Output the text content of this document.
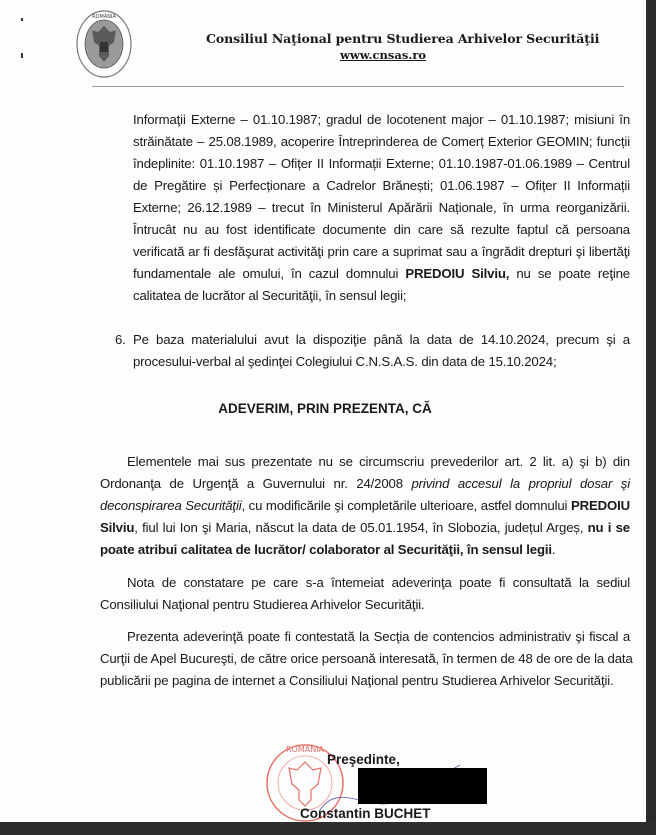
ROMÂNIA
Consiliul Naţional pentru Studierea Arhivelor Securităţii
www.cnsas.ro
Informaţii Externe – 01.10.1987; gradul de locotenent major – 01.10.1987; misiuni în
străinătate – 25.08.1989, acoperire Întreprinderea de Comerț Exterior GEOMIN; funcții
îndeplinite: 01.10.1987 – Ofițer II Informații Externe; 01.10.1987-01.06.1989 – Centrul
de Pregătire și Perfecționare a Cadrelor Brănești; 01.06.1987 – Ofițer II Informații
Externe; 26.12.1989 – trecut în Ministerul Apărării Naționale, în urma reorganizării.
Întrucât nu au fost identificate documente din care să rezulte faptul că persoana
verificată ar fi desfăşurat activităţi prin care a suprimat sau a îngrădit drepturi şi libertăţi
fundamentale ale omului, în cazul domnului PREDOIU Silviu, nu se poate reţine
calitatea de lucrător al Securităţii, în sensul legii;
6. Pe baza materialului avut la dispoziţie până la data de 14.10.2024, precum şi a
procesului-verbal al şedinţei Colegiului C.N.S.A.S. din data de 15.10.2024;
ADEVERIM, PRIN PREZENTA, CĂ
Elementele mai sus prezentate nu se circumscriu prevederilor art. 2 lit. a) şi b) din
Ordonanţa de Urgenţă a Guvernului nr. 24/2008 privind accesul la propriul dosar şi
deconspirarea Securităţii, cu modificările şi completările ulterioare, astfel domnului PREDOIU
Silviu, fiul lui Ion şi Maria, născut la data de 05.01.1954, în Slobozia, județul Argeș, nu i se
poate atribui calitatea de lucrător/ colaborator al Securităţii, în sensul legii.
Nota de constatare pe care s-a întemeiat adeverinţa poate fi consultată la sediul
Consiliului Naţional pentru Studierea Arhivelor Securităţii.
Prezenta adeverinţă poate fi contestată la Secţia de contencios administrativ şi fiscal a
Curţii de Apel Bucureşti, de către orice persoană interesată, în termen de 48 de ore de la data
publicării pe pagina de internet a Consiliului Naţional pentru Studierea Arhivelor Securităţii.
ROMÂNIA
Preşedinte,
Constantin BUCHET
